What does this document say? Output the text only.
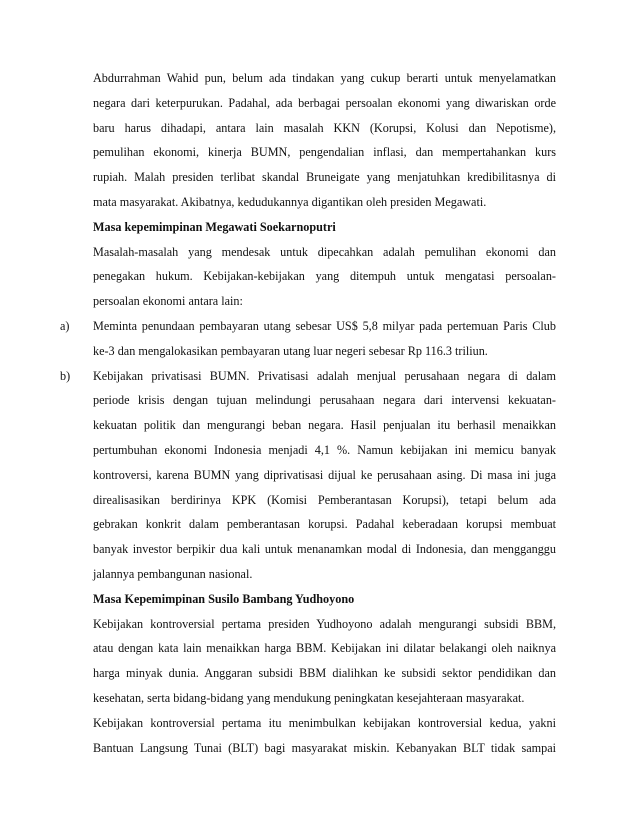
Abdurrahman Wahid pun, belum ada tindakan yang cukup berarti untuk menyelamatkan
negara dari keterpurukan. Padahal, ada berbagai persoalan ekonomi yang diwariskan orde
baru harus dihadapi, antara lain masalah KKN (Korupsi, Kolusi dan Nepotisme),
pemulihan ekonomi, kinerja BUMN, pengendalian inflasi, dan mempertahankan kurs
rupiah. Malah presiden terlibat skandal Bruneigate yang menjatuhkan kredibilitasnya di
mata masyarakat. Akibatnya, kedudukannya digantikan oleh presiden Megawati.
Masa kepemimpinan Megawati Soekarnoputri
Masalah-masalah yang mendesak untuk dipecahkan adalah pemulihan ekonomi dan
penegakan hukum. Kebijakan-kebijakan yang ditempuh untuk mengatasi persoalan-
persoalan ekonomi antara lain:
a) Meminta penundaan pembayaran utang sebesar US$ 5,8 milyar pada pertemuan Paris Club
ke-3 dan mengalokasikan pembayaran utang luar negeri sebesar Rp 116.3 triliun.
b) Kebijakan privatisasi BUMN. Privatisasi adalah menjual perusahaan negara di dalam
periode krisis dengan tujuan melindungi perusahaan negara dari intervensi kekuatan-
kekuatan politik dan mengurangi beban negara. Hasil penjualan itu berhasil menaikkan
pertumbuhan ekonomi Indonesia menjadi 4,1 %. Namun kebijakan ini memicu banyak
kontroversi, karena BUMN yang diprivatisasi dijual ke perusahaan asing. Di masa ini juga
direalisasikan berdirinya KPK (Komisi Pemberantasan Korupsi), tetapi belum ada
gebrakan konkrit dalam pemberantasan korupsi. Padahal keberadaan korupsi membuat
banyak investor berpikir dua kali untuk menanamkan modal di Indonesia, dan mengganggu
jalannya pembangunan nasional.
Masa Kepemimpinan Susilo Bambang Yudhoyono
Kebijakan kontroversial pertama presiden Yudhoyono adalah mengurangi subsidi BBM,
atau dengan kata lain menaikkan harga BBM. Kebijakan ini dilatar belakangi oleh naiknya
harga minyak dunia. Anggaran subsidi BBM dialihkan ke subsidi sektor pendidikan dan
kesehatan, serta bidang-bidang yang mendukung peningkatan kesejahteraan masyarakat.
Kebijakan kontroversial pertama itu menimbulkan kebijakan kontroversial kedua, yakni
Bantuan Langsung Tunai (BLT) bagi masyarakat miskin. Kebanyakan BLT tidak sampai
